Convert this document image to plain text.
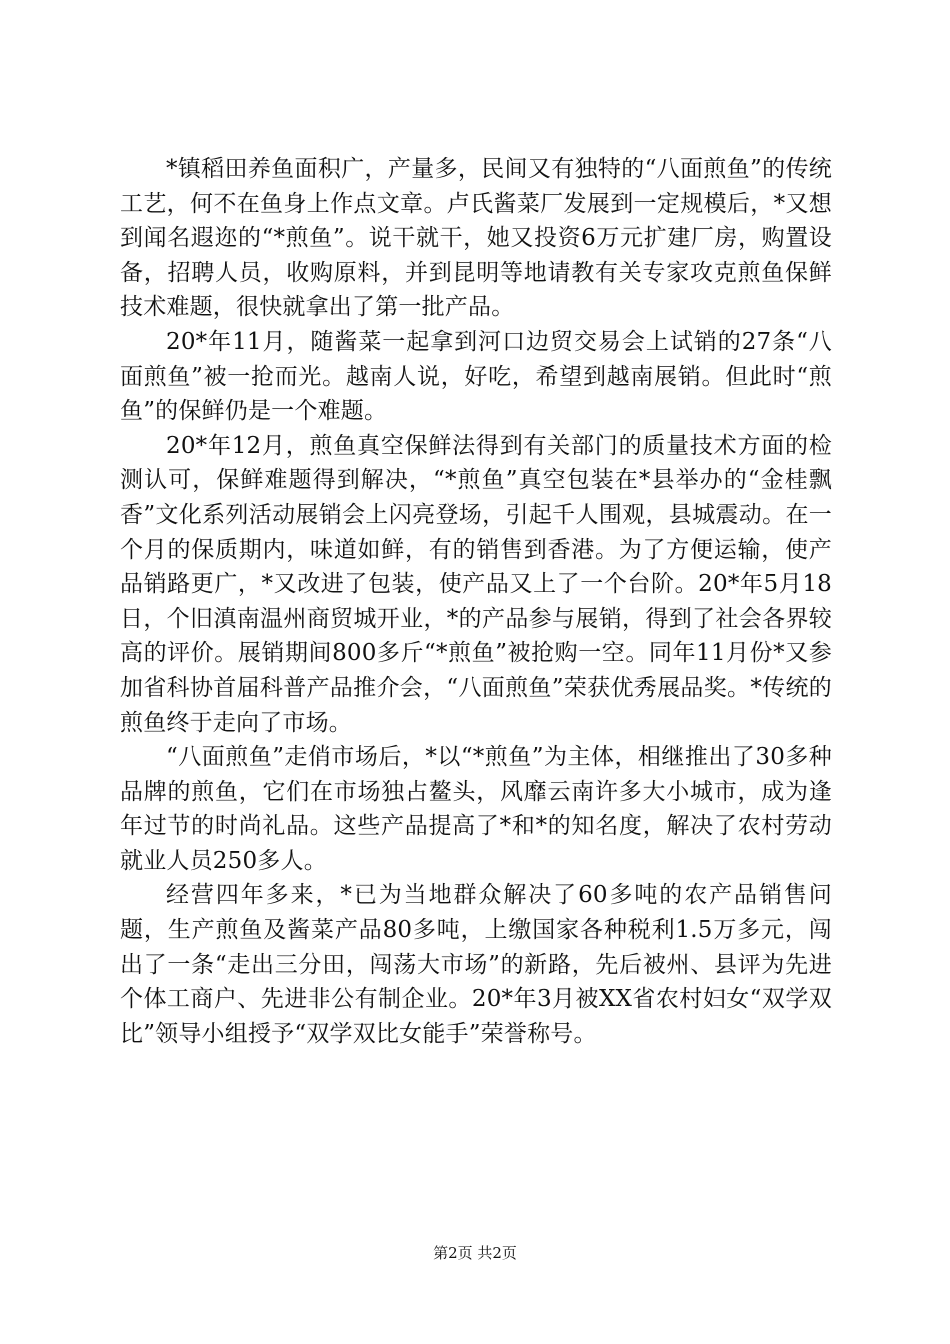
*镇稻田养鱼面积广，产量多，民间又有独特的“八面煎鱼”的传统工艺，何不在鱼身上作点文章。卢氏酱菜厂发展到一定规模后，*又想到闻名遐迩的“*煎鱼”。说干就干，她又投资6万元扩建厂房，购置设备，招聘人员，收购原料，并到昆明等地请教有关专家攻克煎鱼保鲜技术难题，很快就拿出了第一批产品。

20*年11月，随酱菜一起拿到河口边贸交易会上试销的27条“八面煎鱼”被一抢而光。越南人说，好吃，希望到越南展销。但此时“煎鱼”的保鲜仍是一个难题。

20*年12月，煎鱼真空保鲜法得到有关部门的质量技术方面的检测认可，保鲜难题得到解决，“*煎鱼”真空包装在*县举办的“金桂飘香”文化系列活动展销会上闪亮登场，引起千人围观，县城震动。在一个月的保质期内，味道如鲜，有的销售到香港。为了方便运输，使产品销路更广，*又改进了包装，使产品又上了一个台阶。20*年5月18日，个旧滇南温州商贸城开业，*的产品参与展销，得到了社会各界较高的评价。展销期间800多斤“*煎鱼”被抢购一空。同年11月份*又参加省科协首届科普产品推介会，“八面煎鱼”荣获优秀展品奖。*传统的煎鱼终于走向了市场。

“八面煎鱼”走俏市场后，*以“*煎鱼”为主体，相继推出了30多种品牌的煎鱼，它们在市场独占鳌头，风靡云南许多大小城市，成为逢年过节的时尚礼品。这些产品提高了*和*的知名度，解决了农村劳动就业人员250多人。

经营四年多来，*已为当地群众解决了60多吨的农产品销售问题，生产煎鱼及酱菜产品80多吨，上缴国家各种税利1.5万多元，闯出了一条“走出三分田，闯荡大市场”的新路，先后被州、县评为先进个体工商户、先进非公有制企业。20*年3月被XX省农村妇女“双学双比”领导小组授予“双学双比女能手”荣誉称号。

第2页 共2页
